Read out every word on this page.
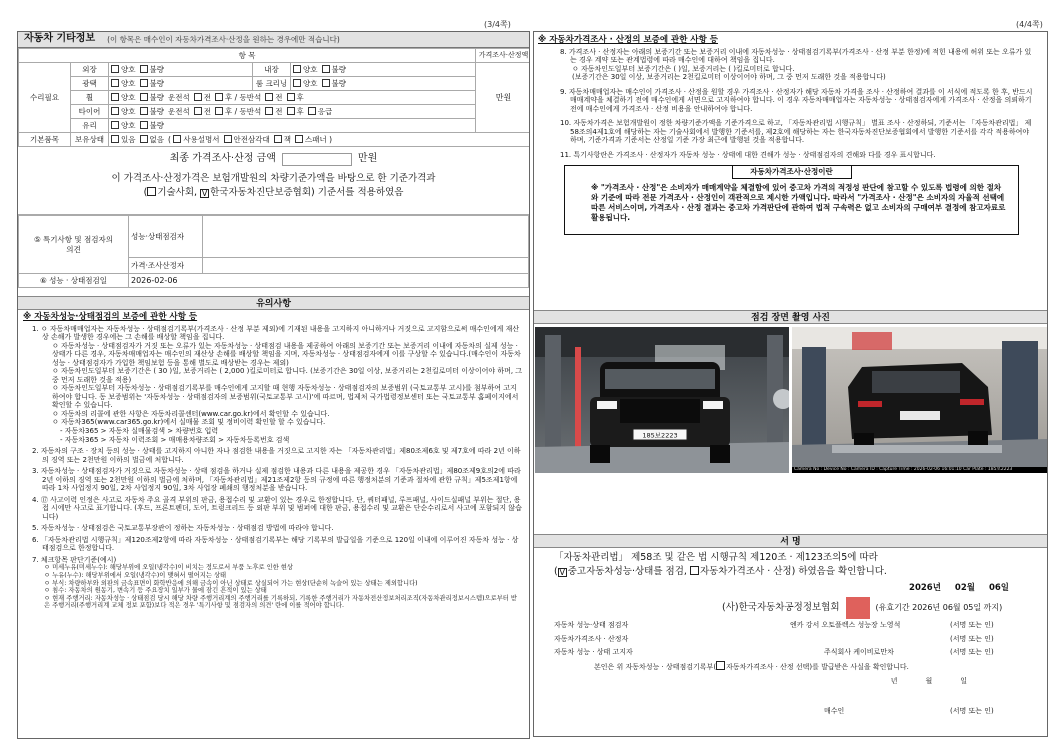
(3/4쪽)	(4/4쪽)
자동차 기타정보 (이 항목은 매수인이 자동차가격조사·산정을 원하는 경우에만 적습니다)
항 목					가격조사·산정액
수리필요	외장	양호 불량	내장	양호 불량	만원
	광택	양호 불량	룸 크리닝	양호 불량	
	휠	양호 불량 운전석 전 후 / 동반석 전 후			
	타이어	양호 불량 운전석 전 후 / 동반석 전 후 응급			
	유리	양호 불량			
기본품목	보유상태	있음 없음 ( 사용설명서 안전삼각대 잭 스패너 )			
최종 가격조사·산정 금액	만원
이 가격조사·산정가격은 보험개발원의 차량기준가액을 바탕으로 한 기준가격과
( 기술사회, V 한국자동차진단보증협회) 기준서를 적용하였음
⑤ 특기사항 및 점검자의 의견	성능·상태점검자	
	가격·조사산정자	
⑥ 성능 · 상태점검일	2026-02-06	
유의사항
※ 자동차성능·상태점검의 보증에 관한 사항 등
1. ㅇ 자동차매매업자는 자동차성능 · 상태점검기록부(가격조사 · 산정 부분 제외)에 기재된 내용을 고지하지 아니하거나 거짓으로 고지함으로써 매수인에게 재산상 손해가 발생한 경우에는 그 손해를 배상할 책임을 집니다.
ㅇ 자동차성능 · 상태점검자가 거짓 또는 오류가 있는 자동차성능 · 상태점검 내용을 제공하여 아래의 보증기간 또는 보증거리 이내에 자동차의 실제 성능 · 상태가 다른 경우, 자동차매매업자는 매수인의 재산상 손해를 배상할 책임을 지며, 자동차성능 · 상태점검자에게 이를 구상할 수 있습니다.(매수인이 자동차성능 · 상태점검자가 가입한 책임보험 등을 통해 별도로 배상받는 경우는 제외)
ㅇ 자동차인도일부터 보증기간은 ( 30 )일, 보증거리는 ( 2,000 )킬로미터로 합니다. (보증기간은 30일 이상, 보증거리는 2천킬로미터 이상이어야 하며, 그 중 먼저 도래한 것을 적용)
ㅇ 자동차인도일부터 자동차성능 · 상태점검기록부를 매수인에게 고지할 때 현행 자동차성능 · 상태점검자의 보증범위 (국토교통부 고시)를 첨부하여 고지하여야 합니다. 동 보증범위는 '자동차성능 · 상태점검자의 보증범위(국토교통부 고시)'에 따르며, 법제처 국가법령정보센터 또는 국토교통부 홈페이지에서 확인할 수 있습니다.
ㅇ 자동차의 리콜에 관한 사항은 자동차리콜센터(www.car.go.kr)에서 확인할 수 있습니다.
ㅇ 자동차365(www.car365.go.kr)에서 실매물 조회 및 정비이력 확인할 할 수 있습니다.
- 자동차365 > 자동차 실매물검색 > 차량번호 입력
- 자동차365 > 자동차 이력조회 > 매매용차량조회 > 자동차등록번호 검색
2. 자동차의 구조 · 장치 등의 성능 · 상태를 고지하지 아니한 자나 점검한 내용을 거짓으로 고지한 자는 「자동차관리법」제80조제6호 및 제7호에 따라 2년 이하의 징역 또는 2천만원 이하의 벌금에 처합니다.
3. 자동차성능 · 상태점검자가 거짓으로 자동차성능 · 상태 점검을 하거나 실제 점검한 내용과 다른 내용을 제공한 경우 「자동차관리법」제80조제9호의2에 따라 2년 이하의 징역 또는 2천만원 이하의 벌금에 처하며, 「자동차관리법」제21조제2항 등의 규정에 따른 행정처분의 기준과 절차에 관한 규칙」제5조제1항에 따라 1차 사업정지 90일, 2차 사업정지 90일, 3차 사업장 폐쇄의 행정처분을 받습니다.
4. ⑰ 사고이력 인정은 사고로 자동차 주요 골격 부위의 판금, 용접수리 및 교환이 있는 경우로 한정합니다. 단, 쿼터패널, 루프패널, 사이드실패널 부위는 절단, 용접 시에만 사고로 표기합니다. (후드, 프론트펜더, 도어, 트렁크리드 등 외판 부위 및 범퍼에 대한 판금, 용접수리 및 교환은 단순수리로서 사고에 포함되지 않습니다)
5. 자동차성능 · 상태점검은 국토교통부장관이 정하는 자동차성능 · 상태점검 방법에 따라야 합니다.
6. 「자동차관리법 시행규칙」제120조제2항에 따라 자동차성능 · 상태점검기록부는 해당 기록부의 발급일을 기준으로 120일 이내에 이루어진 자동차 성능 · 상태점검으로 한정합니다.
7. 체크항목 판단기준(예시)
ㅇ 미세누유(미세누수): 해당부위에 오일(냉각수)이 비치는 정도로서 부품 노후로 인한 현상
ㅇ 누유(누수): 해당부위에서 오일(냉각수)이 맺혀서 떨어지는 상태
ㅇ 부식: 차량하부와 외판의 금속표면이 화학반응에 의해 금속이 아닌 상태로 상실되어 가는 현상(단순히 녹슬어 있는 상태는 제외합니다)
ㅇ 침수: 자동차의 원동기, 변속기 등 주요장치 일부가 물에 잠긴 흔적이 있는 상태
ㅇ 현재 주행거리: 자동차성능 · 상태점검 당시 해당 차량 주행거리계의 주행거리를 기록하되, 기록한 주행거리가 자동차전산정보처리조직(자동차관리정보시스템)으로부터 받은 주행거리(주행거리계 교체 정보 포함)보다 적은 경우 '특기사항 및 점검자의 의견' 란에 이를 적어야 합니다.
※ 자동차가격조사 · 산정의 보증에 관한 사항 등
8. 가격조사 · 산정자는 아래의 보증기간 또는 보증거리 이내에 자동차성능 · 상태점검기록부(가격조사 · 산정 부분 한정)에 적힌 내용에 허위 또는 오류가 있는 경우 계약 또는 관계법령에 따라 매수인에 대하여 책임을 집니다.
ㅇ 자동차인도일부터 보증기간은 ( )일, 보증거리는 ( )킬로미터로 합니다.
(보증기간은 30일 이상, 보증거리는 2천킬로미터 이상이어야 하며, 그 중 먼저 도래한 것을 적용합니다)
9. 자동차매매업자는 매수인이 가격조사 · 산정을 원할 경우 가격조사 · 산정자가 해당 자동차 가격을 조사 · 산정하여 결과를 이 서식에 적도록 한 후, 반드시 매매계약을 체결하기 전에 매수인에게 서면으로 고지하여야 합니다. 이 경우 자동차매매업자는 자동차성능 · 상태점검자에게 가격조사 · 산정을 의뢰하기 전에 매수인에게 가격조사 · 산정 비용을 안내하여야 합니다.
10. 자동차가격은 보험개발원이 정한 차량기준가액을 기준가격으로 하고, 「자동차관리법 시행규칙」 별표 조사 · 산정하되, 기준서는 「자동차관리법」 제58조의4제1호에 해당하는 자는 기술사회에서 발행한 기준서를, 제2호에 해당하는 자는 한국자동차진단보증협회에서 발행한 기준서를 각각 적용하여야 하며, 기준가격과 기준서는 산정일 기준 가장 최근에 발행된 것을 적용합니다.
11. 특기사항란은 가격조사 · 산정자가 자동차 성능 · 상태에 대한 견해가 성능 · 상태점검자의 견해와 다를 경우 표시합니다.
자동차가격조사·산정이란
※ "가격조사 · 산정"은 소비자가 매매계약을 체결함에 있어 중고차 가격의 적정성 판단에 참고할 수 있도록 법령에 의한 절차와 기준에 따라 전문 가격조사 · 산정인이 객관적으로 제시한 가액입니다. 따라서 "가격조사 · 산정"은 소비자의 자율적 선택에 따른 서비스이며, 가격조사 · 산정 결과는 중고차 가격판단에 관하여 법적 구속력은 없고 소비자의 구매여부 결정에 참고자료로 활용됩니다.
점검 장면 촬영 사진
185보2223
Camera No : Device No : Camera ID : Capture Time : 2026-02-06 16:01:10 Car Plate : 185보2223
서 명
「자동차관리법」 제58조 및 같은 법 시행규칙 제120조 · 제123조의5에 따라
( V 중고자동차성능·상태를 점검, 자동차가격조사 · 산정) 하였음을 확인합니다.
2026년 02월 06일
(사)한국자동차공정정보협회	(유효기간 2026년 06월 05일 까지)
자동차 성능·상태 점검자	엔카 강서 오토플렉스 성능장 노영석	(서명 또는 인)
자동차가격조사 · 산정자	(서명 또는 인)
자동차 성능 · 상태 고지자	주식회사 케이비로만차	(서명 또는 인)
본인은 위 자동차성능 · 상태점검기록부( 자동차가격조사 · 산정 선택)를 발급받은 사실을 확인합니다.
년	월	일
매수인	(서명 또는 인)
